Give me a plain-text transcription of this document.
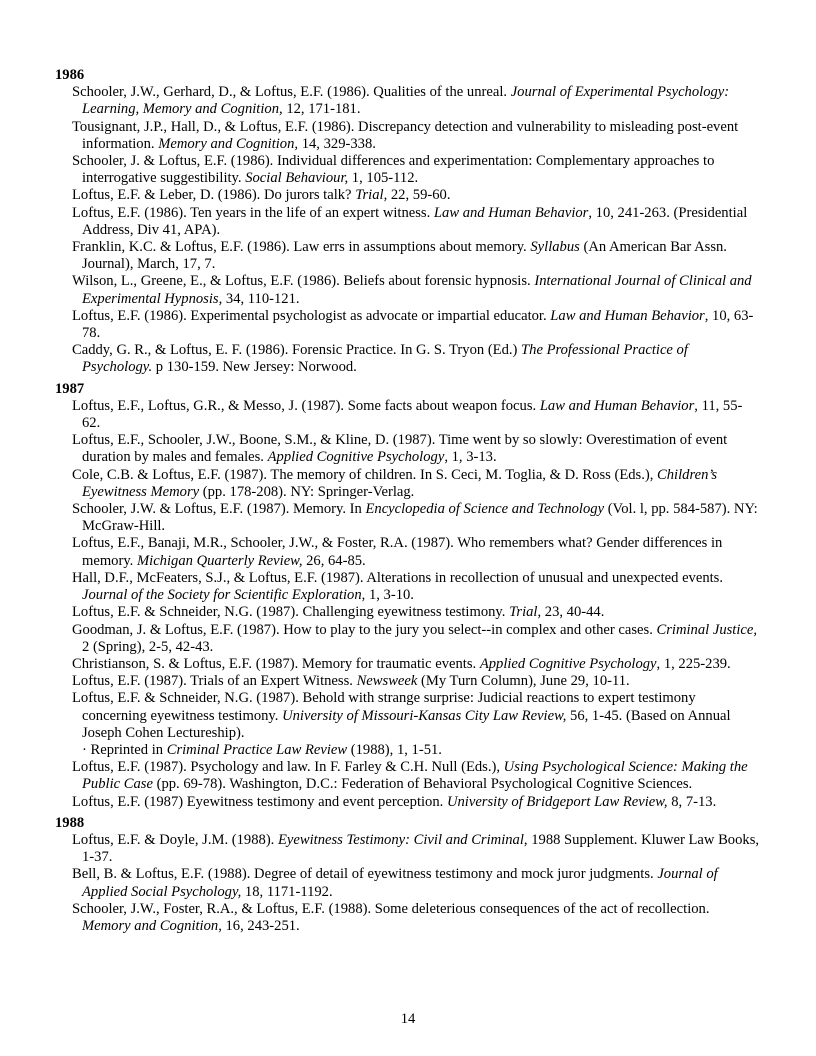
1986
Schooler, J.W., Gerhard, D., & Loftus, E.F. (1986). Qualities of the unreal. Journal of Experimental Psychology: Learning, Memory and Cognition, 12, 171-181.
Tousignant, J.P., Hall, D., & Loftus, E.F. (1986). Discrepancy detection and vulnerability to misleading post-event information. Memory and Cognition, 14, 329-338.
Schooler, J. & Loftus, E.F. (1986). Individual differences and experimentation: Complementary approaches to interrogative suggestibility. Social Behaviour, 1, 105-112.
Loftus, E.F. & Leber, D. (1986). Do jurors talk? Trial, 22, 59-60.
Loftus, E.F. (1986). Ten years in the life of an expert witness. Law and Human Behavior, 10, 241-263. (Presidential Address, Div 41, APA).
Franklin, K.C. & Loftus, E.F. (1986). Law errs in assumptions about memory. Syllabus (An American Bar Assn. Journal), March, 17, 7.
Wilson, L., Greene, E., & Loftus, E.F. (1986). Beliefs about forensic hypnosis. International Journal of Clinical and Experimental Hypnosis, 34, 110-121.
Loftus, E.F. (1986). Experimental psychologist as advocate or impartial educator. Law and Human Behavior, 10, 63-78.
Caddy, G. R., & Loftus, E. F. (1986). Forensic Practice. In G. S. Tryon (Ed.) The Professional Practice of Psychology. p 130-159. New Jersey: Norwood.
1987
Loftus, E.F., Loftus, G.R., & Messo, J. (1987). Some facts about weapon focus. Law and Human Behavior, 11, 55-62.
Loftus, E.F., Schooler, J.W., Boone, S.M., & Kline, D. (1987). Time went by so slowly: Overestimation of event duration by males and females. Applied Cognitive Psychology, 1, 3-13.
Cole, C.B. & Loftus, E.F. (1987). The memory of children. In S. Ceci, M. Toglia, & D. Ross (Eds.), Children’s Eyewitness Memory (pp. 178-208). NY: Springer-Verlag.
Schooler, J.W. & Loftus, E.F. (1987). Memory. In Encyclopedia of Science and Technology (Vol. l, pp. 584-587). NY: McGraw-Hill.
Loftus, E.F., Banaji, M.R., Schooler, J.W., & Foster, R.A. (1987). Who remembers what? Gender differences in memory. Michigan Quarterly Review, 26, 64-85.
Hall, D.F., McFeaters, S.J., & Loftus, E.F. (1987). Alterations in recollection of unusual and unexpected events. Journal of the Society for Scientific Exploration, 1, 3-10.
Loftus, E.F. & Schneider, N.G. (1987). Challenging eyewitness testimony. Trial, 23, 40-44.
Goodman, J. & Loftus, E.F. (1987). How to play to the jury you select--in complex and other cases. Criminal Justice, 2 (Spring), 2-5, 42-43.
Christianson, S. & Loftus, E.F. (1987). Memory for traumatic events. Applied Cognitive Psychology, 1, 225-239.
Loftus, E.F. (1987). Trials of an Expert Witness. Newsweek (My Turn Column), June 29, 10-11.
Loftus, E.F. & Schneider, N.G. (1987). Behold with strange surprise: Judicial reactions to expert testimony concerning eyewitness testimony. University of Missouri-Kansas City Law Review, 56, 1-45. (Based on Annual Joseph Cohen Lectureship).
· Reprinted in Criminal Practice Law Review (1988), 1, 1-51.
Loftus, E.F. (1987). Psychology and law. In F. Farley & C.H. Null (Eds.), Using Psychological Science: Making the Public Case (pp. 69-78). Washington, D.C.: Federation of Behavioral Psychological Cognitive Sciences.
Loftus, E.F. (1987) Eyewitness testimony and event perception. University of Bridgeport Law Review, 8, 7-13.
1988
Loftus, E.F. & Doyle, J.M. (1988). Eyewitness Testimony: Civil and Criminal, 1988 Supplement. Kluwer Law Books, 1-37.
Bell, B. & Loftus, E.F. (1988). Degree of detail of eyewitness testimony and mock juror judgments. Journal of Applied Social Psychology, 18, 1171-1192.
Schooler, J.W., Foster, R.A., & Loftus, E.F. (1988). Some deleterious consequences of the act of recollection. Memory and Cognition, 16, 243-251.
14
